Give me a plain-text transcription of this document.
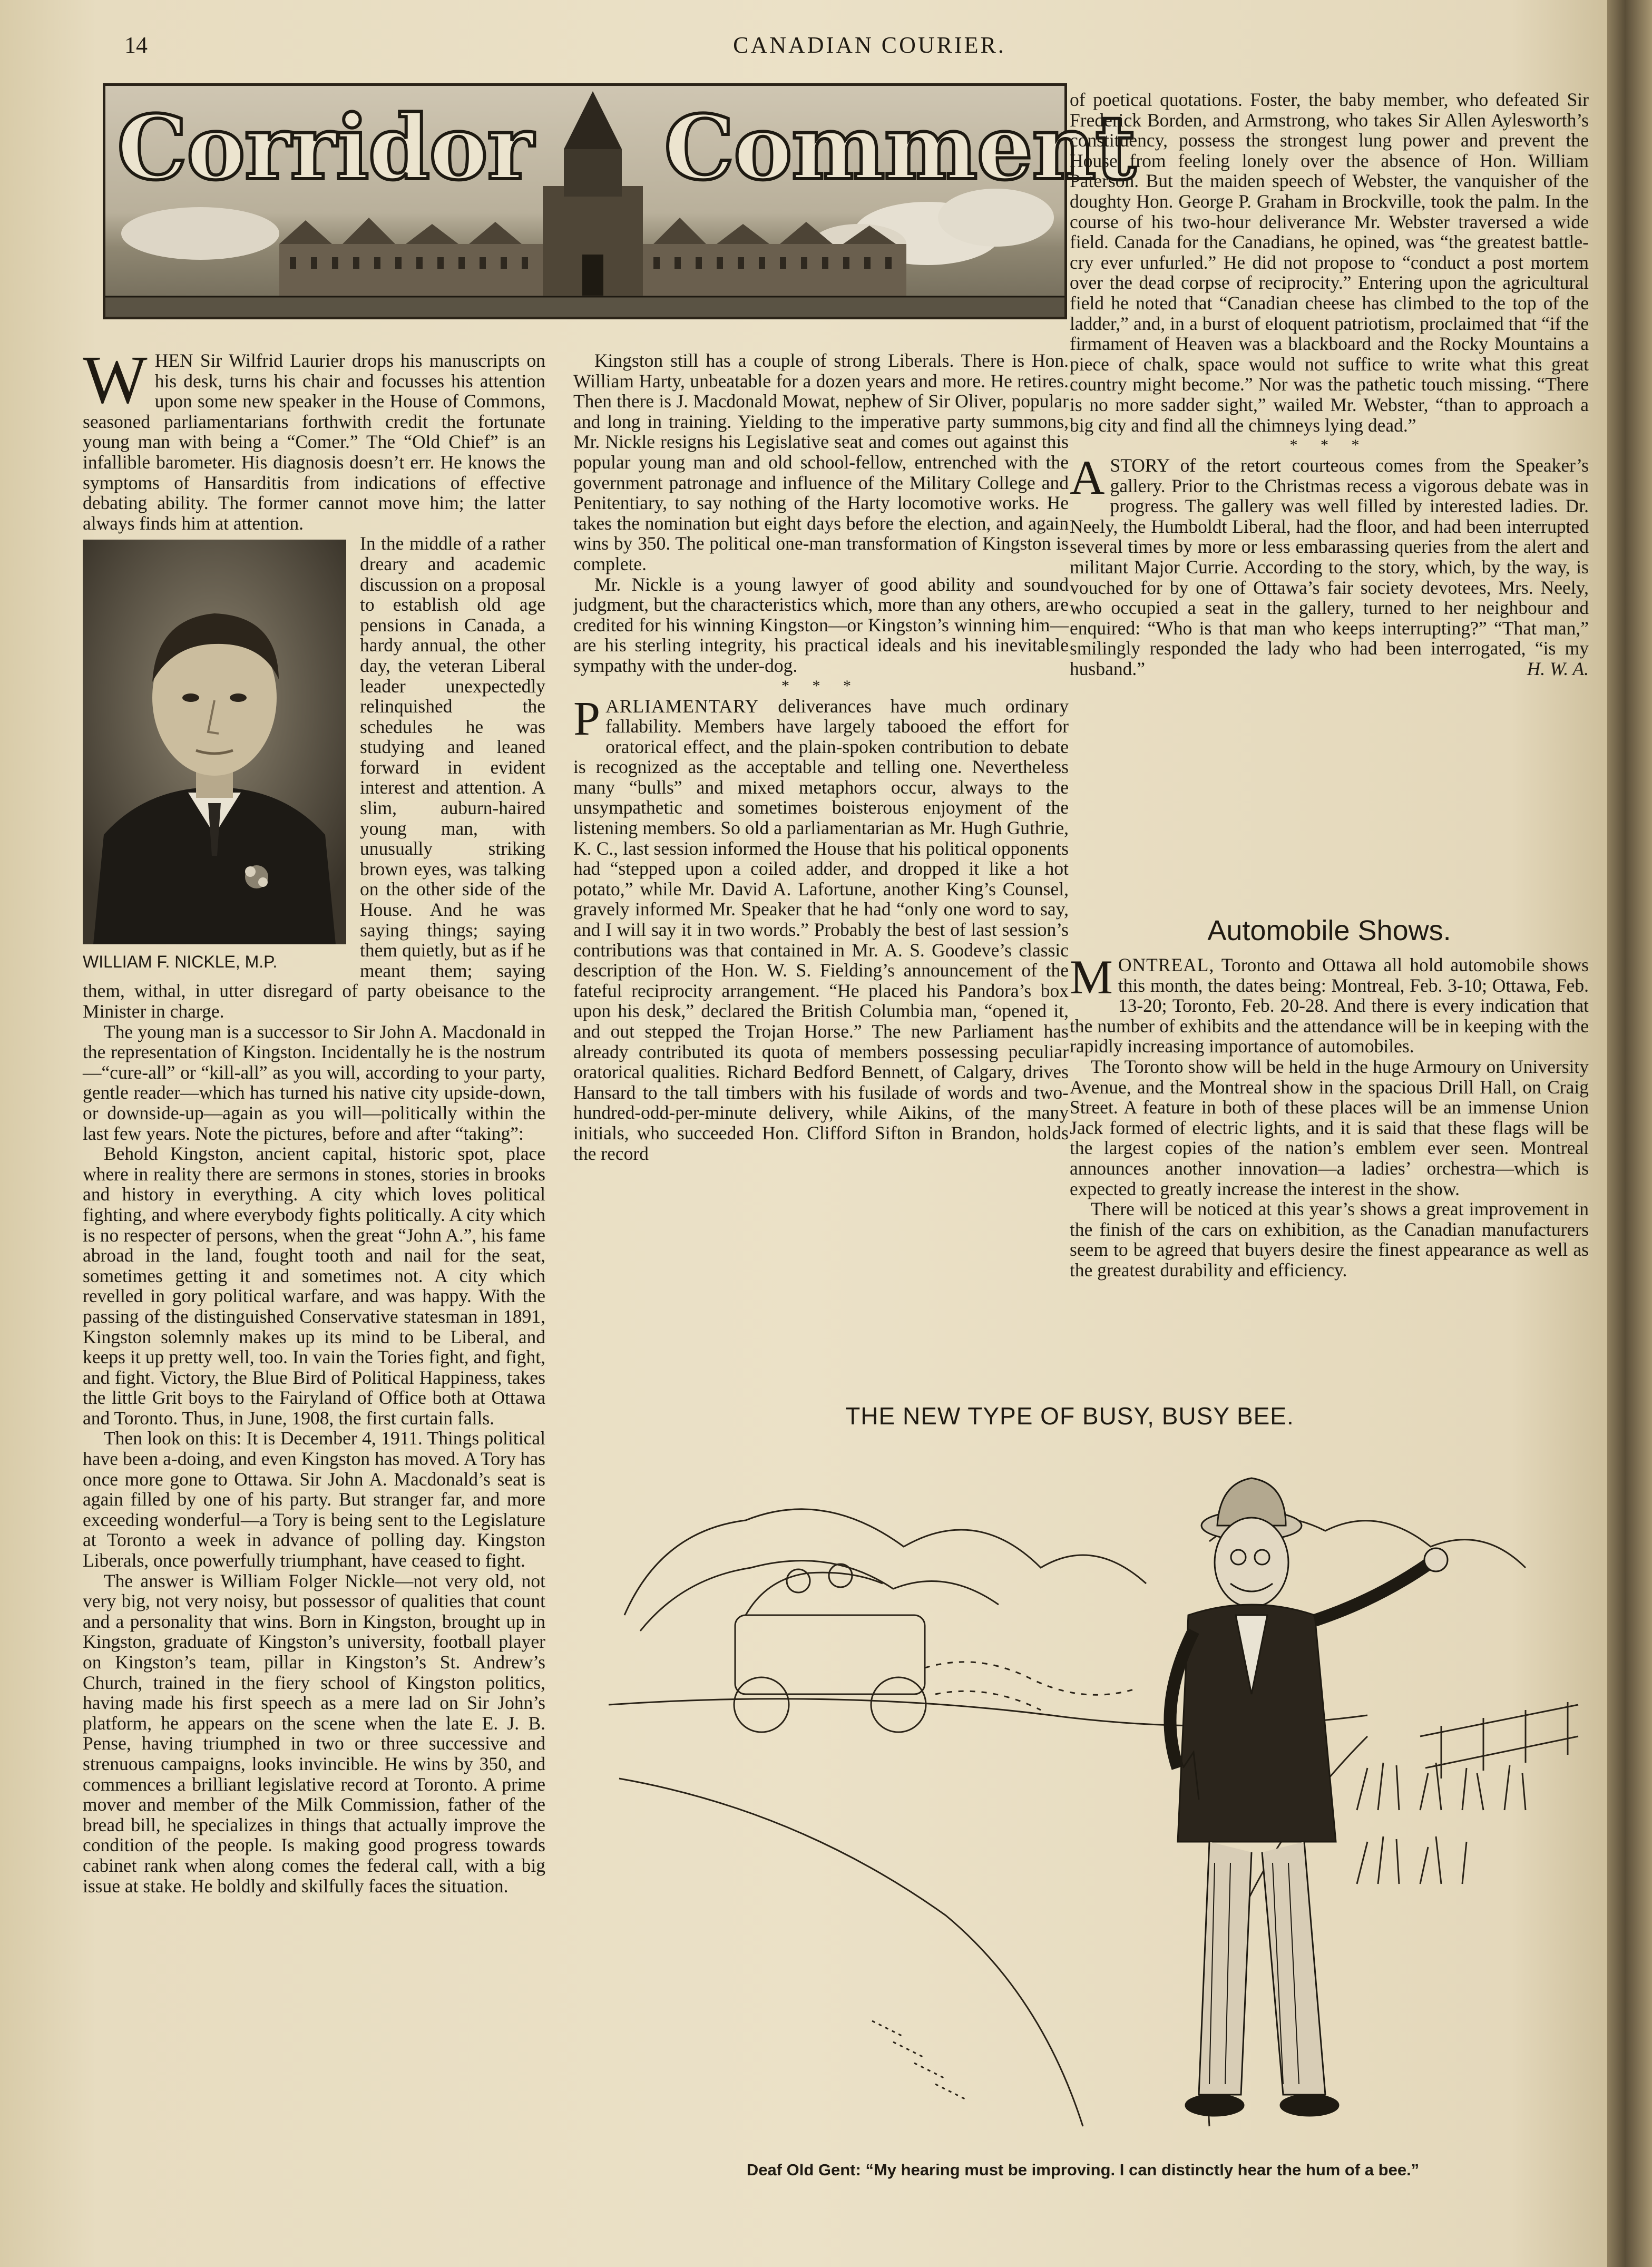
14	CANADIAN COURIER.
Corridor Comment

WHEN Sir Wilfrid Laurier drops his manuscripts on his desk, turns his chair and focusses his attention upon some new speaker in the House of Commons, seasoned parliamentarians forthwith credit the fortunate young man with being a “Comer.” The “Old Chief” is an infallible barometer. His diagnosis doesn’t err. He knows the symptoms of Hansarditis from indications of effective debating ability. The former cannot move him; the latter always finds him at attention.

WILLIAM F. NICKLE, M.P.

In the middle of a rather dreary and academic discussion on a proposal to establish old age pensions in Canada, a hardy annual, the other day, the veteran Liberal leader unexpectedly relinquished the schedules he was studying and leaned forward in evident interest and attention. A slim, auburn-haired young man, with unusually striking brown eyes, was talking on the other side of the House. And he was saying things; saying them quietly, but as if he meant them; saying them, withal, in utter disregard of party obeisance to the Minister in charge.

The young man is a successor to Sir John A. Macdonald in the representation of Kingston. Incidentally he is the nostrum—“cure-all” or “kill-all” as you will, according to your party, gentle reader—which has turned his native city upside-down, or downside-up—again as you will—politically within the last few years. Note the pictures, before and after “taking”:

Behold Kingston, ancient capital, historic spot, place where in reality there are sermons in stones, stories in brooks and history in everything. A city which loves political fighting, and where everybody fights politically. A city which is no respecter of persons, when the great “John A.”, his fame abroad in the land, fought tooth and nail for the seat, sometimes getting it and sometimes not. A city which revelled in gory political warfare, and was happy. With the passing of the distinguished Conservative statesman in 1891, Kingston solemnly makes up its mind to be Liberal, and keeps it up pretty well, too. In vain the Tories fight, and fight, and fight. Victory, the Blue Bird of Political Happiness, takes the little Grit boys to the Fairyland of Office both at Ottawa and Toronto. Thus, in June, 1908, the first curtain falls.

Then look on this: It is December 4, 1911. Things political have been a-doing, and even Kingston has moved. A Tory has once more gone to Ottawa. Sir John A. Macdonald’s seat is again filled by one of his party. But stranger far, and more exceeding wonderful—a Tory is being sent to the Legislature at Toronto a week in advance of polling day. Kingston Liberals, once powerfully triumphant, have ceased to fight.

The answer is William Folger Nickle—not very old, not very big, not very noisy, but possessor of qualities that count and a personality that wins. Born in Kingston, brought up in Kingston, graduate of Kingston’s university, football player on Kingston’s team, pillar in Kingston’s St. Andrew’s Church, trained in the fiery school of Kingston politics, having made his first speech as a mere lad on Sir John’s platform, he appears on the scene when the late E. J. B. Pense, having triumphed in two or three successive and strenuous campaigns, looks invincible. He wins by 350, and commences a brilliant legislative record at Toronto. A prime mover and member of the Milk Commission, father of the bread bill, he specializes in things that actually improve the condition of the people. Is making good progress towards cabinet rank when along comes the federal call, with a big issue at stake. He boldly and skilfully faces the situation.

Kingston still has a couple of strong Liberals. There is Hon. William Harty, unbeatable for a dozen years and more. He retires. Then there is J. Macdonald Mowat, nephew of Sir Oliver, popular and long in training. Yielding to the imperative party summons, Mr. Nickle resigns his Legislative seat and comes out against this popular young man and old school-fellow, entrenched with the government patronage and influence of the Military College and Penitentiary, to say nothing of the Harty locomotive works. He takes the nomination but eight days before the election, and again wins by 350. The political one-man transformation of Kingston is complete.

Mr. Nickle is a young lawyer of good ability and sound judgment, but the characteristics which, more than any others, are credited for his winning Kingston—or Kingston’s winning him—are his sterling integrity, his practical ideals and his inevitable sympathy with the under-dog.

* * *

PARLIAMENTARY deliverances have much ordinary fallability. Members have largely tabooed the effort for oratorical effect, and the plain-spoken contribution to debate is recognized as the acceptable and telling one. Nevertheless many “bulls” and mixed metaphors occur, always to the unsympathetic and sometimes boisterous enjoyment of the listening members. So old a parliamentarian as Mr. Hugh Guthrie, K. C., last session informed the House that his political opponents had “stepped upon a coiled adder, and dropped it like a hot potato,” while Mr. David A. Lafortune, another King’s Counsel, gravely informed Mr. Speaker that he had “only one word to say, and I will say it in two words.” Probably the best of last session’s contributions was that contained in Mr. A. S. Goodeve’s classic description of the Hon. W. S. Fielding’s announcement of the fateful reciprocity arrangement. “He placed his Pandora’s box upon his desk,” declared the British Columbia man, “opened it, and out stepped the Trojan Horse.” The new Parliament has already contributed its quota of members possessing peculiar oratorical qualities. Richard Bedford Bennett, of Calgary, drives Hansard to the tall timbers with his fusilade of words and two-hundred-odd-per-minute delivery, while Aikins, of the many initials, who succeeded Hon. Clifford Sifton in Brandon, holds the record

of poetical quotations. Foster, the baby member, who defeated Sir Frederick Borden, and Armstrong, who takes Sir Allen Aylesworth’s constituency, possess the strongest lung power and prevent the House from feeling lonely over the absence of Hon. William Paterson. But the maiden speech of Webster, the vanquisher of the doughty Hon. George P. Graham in Brockville, took the palm. In the course of his two-hour deliverance Mr. Webster traversed a wide field. Canada for the Canadians, he opined, was “the greatest battle-cry ever unfurled.” He did not propose to “conduct a post mortem over the dead corpse of reciprocity.” Entering upon the agricultural field he noted that “Canadian cheese has climbed to the top of the ladder,” and, in a burst of eloquent patriotism, proclaimed that “if the firmament of Heaven was a blackboard and the Rocky Mountains a piece of chalk, space would not suffice to write what this great country might become.” Nor was the pathetic touch missing. “There is no more sadder sight,” wailed Mr. Webster, “than to approach a big city and find all the chimneys lying dead.”

* * *

ASTORY of the retort courteous comes from the Speaker’s gallery. Prior to the Christmas recess a vigorous debate was in progress. The gallery was well filled by interested ladies. Dr. Neely, the Humboldt Liberal, had the floor, and had been interrupted several times by more or less embarassing queries from the alert and militant Major Currie. According to the story, which, by the way, is vouched for by one of Ottawa’s fair society devotees, Mrs. Neely, who occupied a seat in the gallery, turned to her neighbour and enquired: “Who is that man who keeps interrupting?” “That man,” smilingly responded the lady who had been interrogated, “is my husband.”	H. W. A.

Automobile Shows.

MONTREAL, Toronto and Ottawa all hold automobile shows this month, the dates being: Montreal, Feb. 3-10; Ottawa, Feb. 13-20; Toronto, Feb. 20-28. And there is every indication that the number of exhibits and the attendance will be in keeping with the rapidly increasing importance of automobiles.

The Toronto show will be held in the huge Armoury on University Avenue, and the Montreal show in the spacious Drill Hall, on Craig Street. A feature in both of these places will be an immense Union Jack formed of electric lights, and it is said that these flags will be the largest copies of the nation’s emblem ever seen. Montreal announces another innovation—a ladies’ orchestra—which is expected to greatly increase the interest in the show.

There will be noticed at this year’s shows a great improvement in the finish of the cars on exhibition, as the Canadian manufacturers seem to be agreed that buyers desire the finest appearance as well as the greatest durability and efficiency.

THE NEW TYPE OF BUSY, BUSY BEE.
Deaf Old Gent: “My hearing must be improving. I can distinctly hear the hum of a bee.”
